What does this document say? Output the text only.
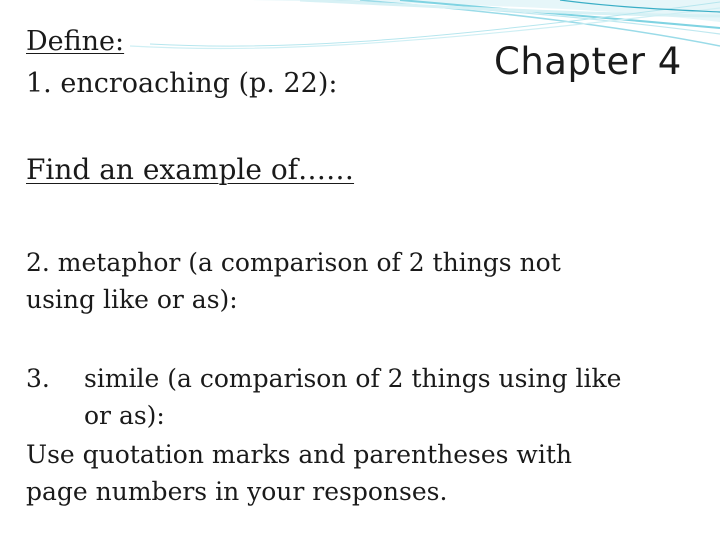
Define:

1. encroaching (p. 22):

Chapter 4

Find an example of……

2. metaphor (a comparison of 2 things not
using like or as):
3. simile (a comparison of 2 things using like
or as):
Use quotation marks and parentheses with
page numbers in your responses.
